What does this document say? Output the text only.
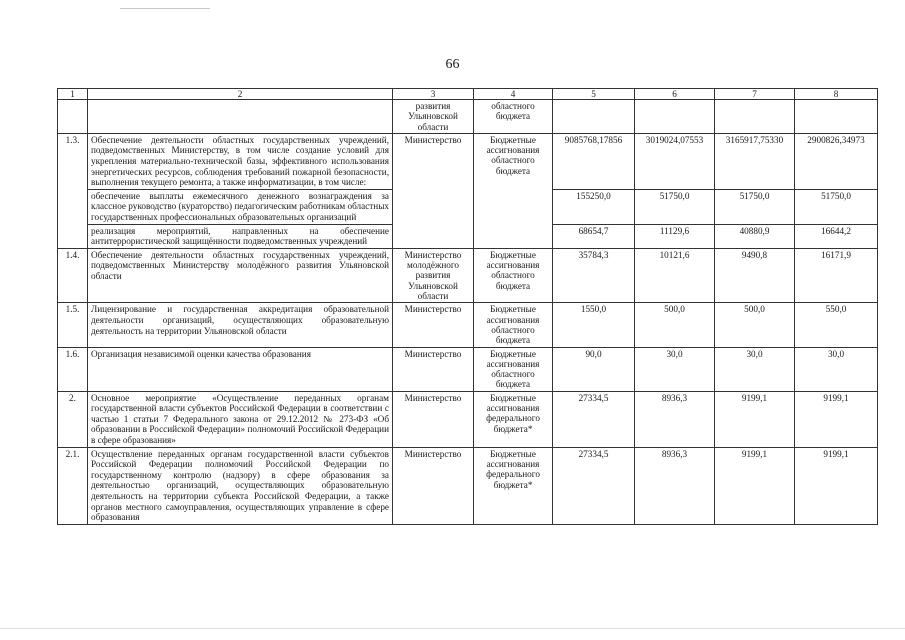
66
1	2	3	4	5	6	7	8
		развития Ульяновской области	областного бюджета				
1.3.	Обеспечение деятельности областных государственных учреждений, подведомственных Министерству, в том числе создание условий для укрепления материально-технической базы, эффективного использования энергетических ресурсов, соблюдения требований пожарной безопасности, выполнения текущего ремонта, а также информатизации, в том числе:	Министерство	Бюджетные ассигнования областного бюджета	9085768,17856	3019024,07553	3165917,75330	2900826,34973
	обеспечение выплаты ежемесячного денежного вознаграждения за классное руководство (кураторство) педагогическим работникам областных государственных профессиональных образовательных организаций			155250,0	51750,0	51750,0	51750,0
	реализация мероприятий, направленных на обеспечение антитеррористической защищённости подведомственных учреждений			68654,7	11129,6	40880,9	16644,2
1.4.	Обеспечение деятельности областных государственных учреждений, подведомственных Министерству молодёжного развития Ульяновской области	Министерство молодёжного развития Ульяновской области	Бюджетные ассигнования областного бюджета	35784,3	10121,6	9490,8	16171,9
1.5.	Лицензирование и государственная аккредитация образовательной деятельности организаций, осуществляющих образовательную деятельность на территории Ульяновской области	Министерство	Бюджетные ассигнования областного бюджета	1550,0	500,0	500,0	550,0
1.6.	Организация независимой оценки качества образования	Министерство	Бюджетные ассигнования областного бюджета	90,0	30,0	30,0	30,0
2.	Основное мероприятие «Осуществление переданных органам государственной власти субъектов Российской Федерации в соответствии с частью 1 статьи 7 Федерального закона от 29.12.2012 № 273-ФЗ «Об образовании в Российской Федерации» полномочий Российской Федерации в сфере образования»	Министерство	Бюджетные ассигнования федерального бюджета*	27334,5	8936,3	9199,1	9199,1
2.1.	Осуществление переданных органам государственной власти субъектов Российской Федерации полномочий Российской Федерации по государственному контролю (надзору) в сфере образования за деятельностью организаций, осуществляющих образовательную деятельность на территории субъекта Российской Федерации, а также органов местного самоуправления, осуществляющих управление в сфере образования	Министерство	Бюджетные ассигнования федерального бюджета*	27334,5	8936,3	9199,1	9199,1
